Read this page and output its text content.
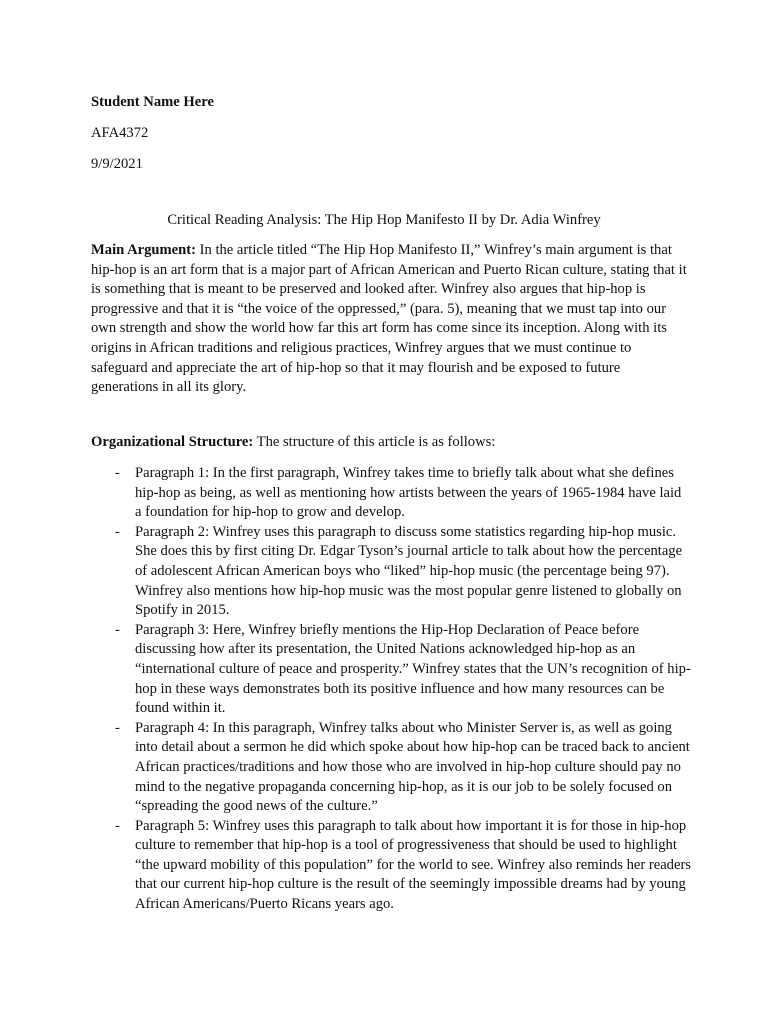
Student Name Here
AFA4372
9/9/2021
Critical Reading Analysis: The Hip Hop Manifesto II by Dr. Adia Winfrey
Main Argument: In the article titled “The Hip Hop Manifesto II,” Winfrey’s main argument is that hip-hop is an art form that is a major part of African American and Puerto Rican culture, stating that it is something that is meant to be preserved and looked after. Winfrey also argues that hip-hop is progressive and that it is “the voice of the oppressed,” (para. 5), meaning that we must tap into our own strength and show the world how far this art form has come since its inception. Along with its origins in African traditions and religious practices, Winfrey argues that we must continue to safeguard and appreciate the art of hip-hop so that it may flourish and be exposed to future generations in all its glory.
Organizational Structure: The structure of this article is as follows:
- Paragraph 1: In the first paragraph, Winfrey takes time to briefly talk about what she defines hip-hop as being, as well as mentioning how artists between the years of 1965-1984 have laid a foundation for hip-hop to grow and develop.
- Paragraph 2: Winfrey uses this paragraph to discuss some statistics regarding hip-hop music. She does this by first citing Dr. Edgar Tyson’s journal article to talk about how the percentage of adolescent African American boys who “liked” hip-hop music (the percentage being 97). Winfrey also mentions how hip-hop music was the most popular genre listened to globally on Spotify in 2015.
- Paragraph 3: Here, Winfrey briefly mentions the Hip-Hop Declaration of Peace before discussing how after its presentation, the United Nations acknowledged hip-hop as an “international culture of peace and prosperity.” Winfrey states that the UN’s recognition of hip-hop in these ways demonstrates both its positive influence and how many resources can be found within it.
- Paragraph 4: In this paragraph, Winfrey talks about who Minister Server is, as well as going into detail about a sermon he did which spoke about how hip-hop can be traced back to ancient African practices/traditions and how those who are involved in hip-hop culture should pay no mind to the negative propaganda concerning hip-hop, as it is our job to be solely focused on “spreading the good news of the culture.”
- Paragraph 5: Winfrey uses this paragraph to talk about how important it is for those in hip-hop culture to remember that hip-hop is a tool of progressiveness that should be used to highlight “the upward mobility of this population” for the world to see. Winfrey also reminds her readers that our current hip-hop culture is the result of the seemingly impossible dreams had by young African Americans/Puerto Ricans years ago.
